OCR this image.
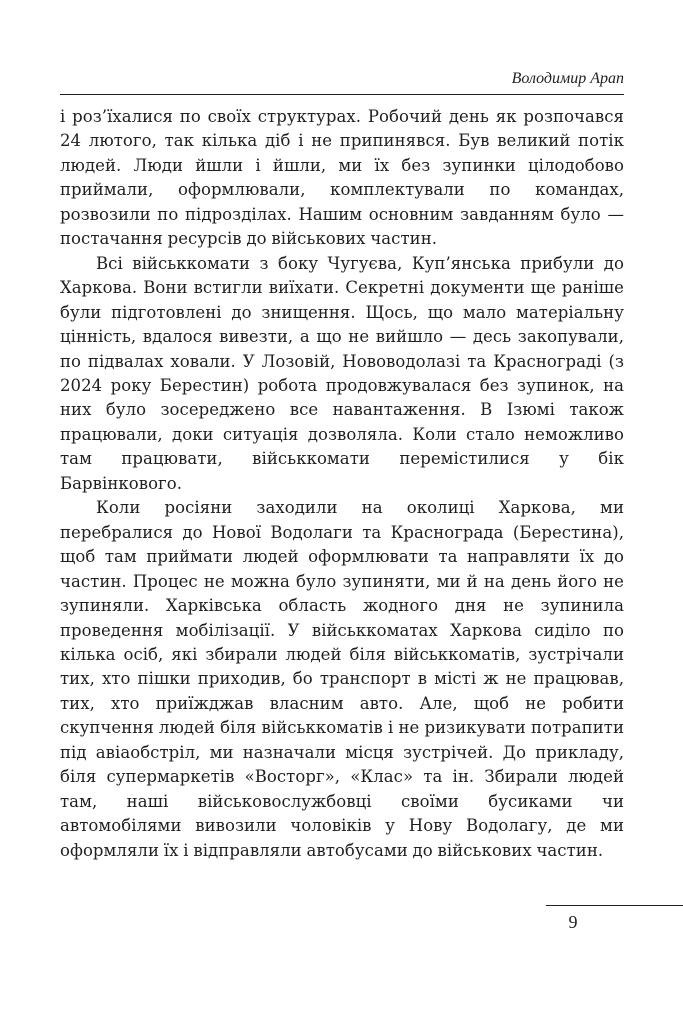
Володимир Арап

і роз’їхалися по своїх структурах. Робочий день як розпочався 24 лютого, так кілька діб і не припинявся. Був великий потік людей. Люди йшли і йшли, ми їх без зупинки цілодобово приймали, оформлювали, комплектували по командах, розвозили по підрозділах. Нашим основним завданням було — постачання ресурсів до військових частин.

Всі військкомати з боку Чугуєва, Куп’янська прибули до Харкова. Вони встигли виїхати. Секретні документи ще раніше були підготовлені до знищення. Щось, що мало матеріальну цінність, вдалося вивезти, а що не вийшло — десь закопували, по підвалах ховали. У Лозовій, Нововодолазі та Краснограді (з 2024 року Берестин) робота продовжувалася без зупинок, на них було зосереджено все навантаження. В Ізюмі також працювали, доки ситуація дозволяла. Коли стало неможливо там працювати, військкомати перемістилися у бік Барвінкового.

Коли росіяни заходили на околиці Харкова, ми перебралися до Нової Водолаги та Краснограда (Берестина), щоб там приймати людей оформлювати та направляти їх до частин. Процес не можна було зупиняти, ми й на день його не зупиняли. Харківська область жодного дня не зупинила проведення мобілізації. У військкоматах Харкова сиділо по кілька осіб, які збирали людей біля військкоматів, зустрічали тих, хто пішки приходив, бо транспорт в місті ж не працював, тих, хто приїжджав власним авто. Але, щоб не робити скупчення людей біля військкоматів і не ризикувати потрапити під авіаобстріл, ми назначали місця зустрічей. До прикладу, біля супермаркетів «Восторг», «Клас» та ін. Збирали людей там, наші військовослужбовці своїми бусиками чи автомобілями вивозили чоловіків у Нову Водолагу, де ми оформляли їх і відправляли автобусами до військових частин.

9
